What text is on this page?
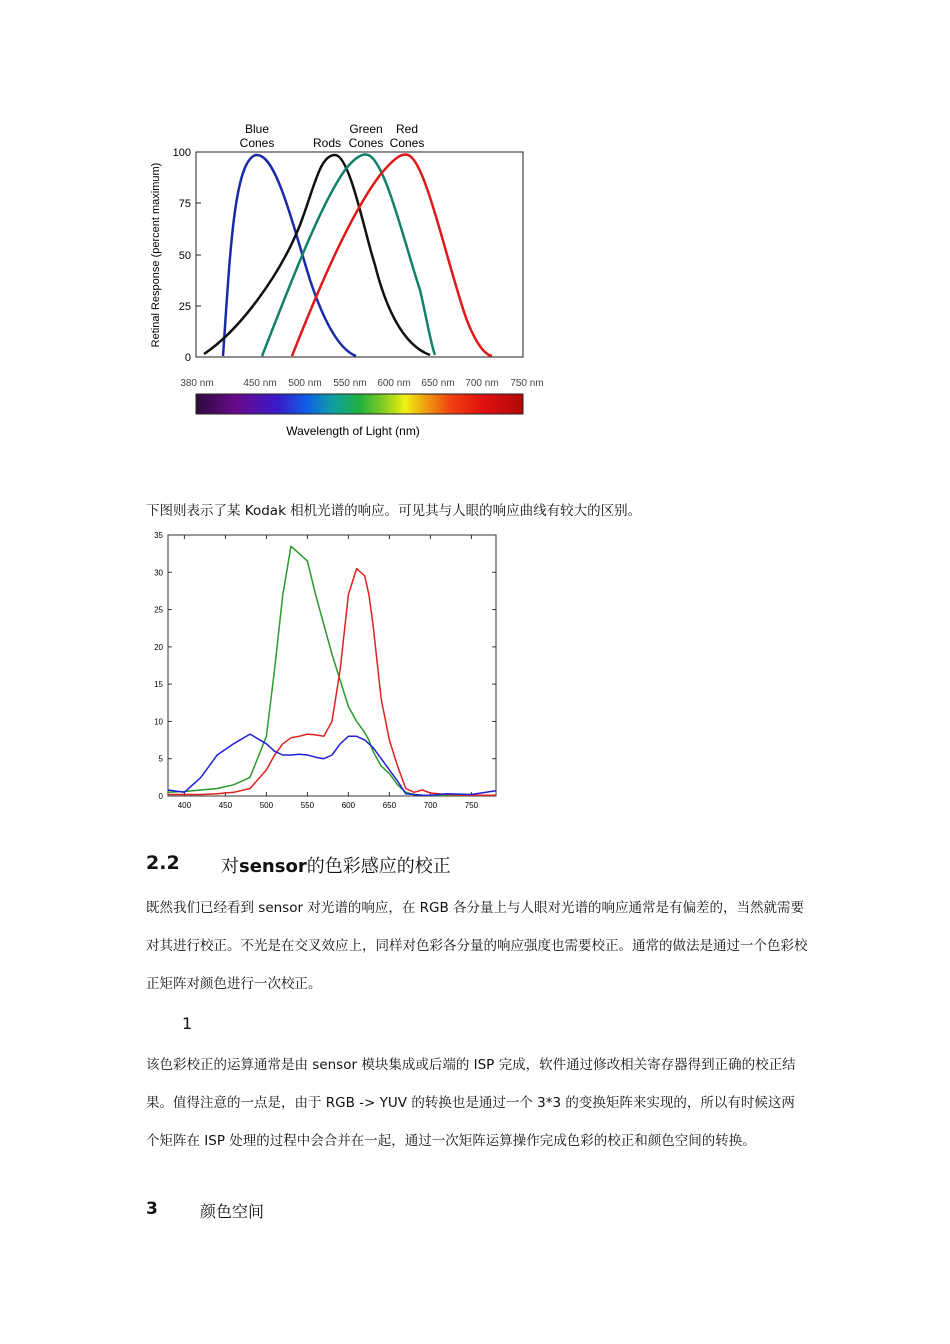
Blue
Cones	Rods
Green
Cones
Red
Cones
Retinal Response (percent maximum)
100
75
50
25
0
380 nm	450 nm 500 nm 550 nm 600 nm 650 nm 700 nm 750 nm
Wavelength of Light (nm)
下图则表示了某 Kodak 相机光谱的响应。可见其与人眼的响应曲线有较大的区别。
0
5
10
15
20
25
30
35
400	450	500	550	600	650	700	750
2.2 对sensor的色彩感应的校正
既然我们已经看到 sensor 对光谱的响应，在 RGB 各分量上与人眼对光谱的响应通常是有偏差的，当然就需要对其进行校正。不光是在交叉效应上，同样对色彩各分量的响应强度也需要校正。通常的做法是通过一个色彩校正矩阵对颜色进行一次校正。
1
该色彩校正的运算通常是由 sensor 模块集成或后端的 ISP 完成，软件通过修改相关寄存器得到正确的校正结果。值得注意的一点是，由于 RGB -> YUV 的转换也是通过一个 3*3 的变换矩阵来实现的，所以有时候这两个矩阵在 ISP 处理的过程中会合并在一起，通过一次矩阵运算操作完成色彩的校正和颜色空间的转换。
3	颜色空间
